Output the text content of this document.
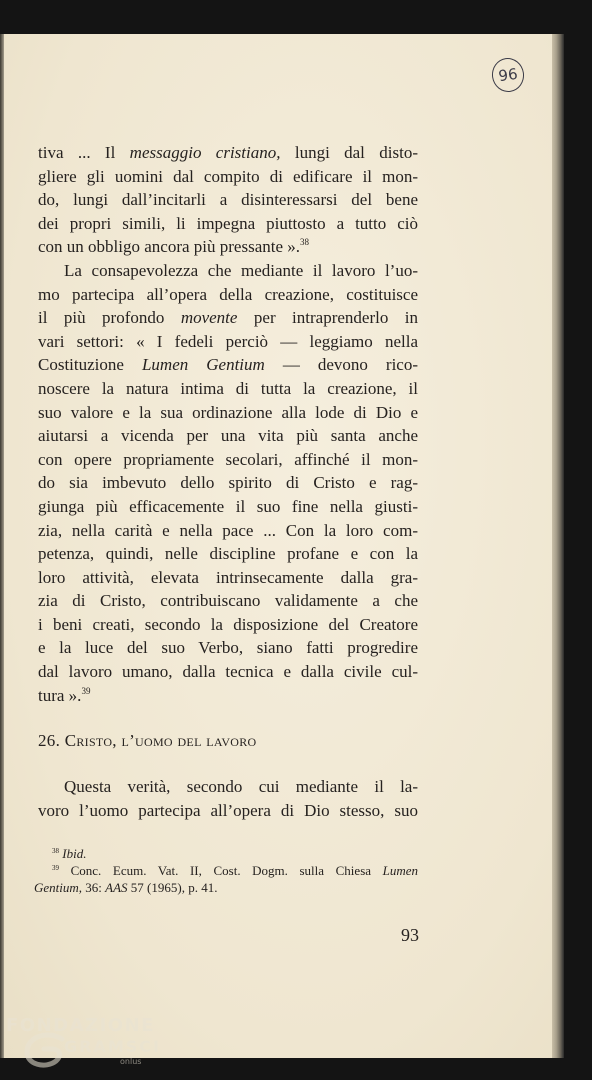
96
tiva ... Il messaggio cristiano, lungi dal disto-
gliere gli uomini dal compito di edificare il mon-
do, lungi dall’incitarli a disinteressarsi del bene
dei propri simili, li impegna piuttosto a tutto ciò
con un obbligo ancora più pressante ».$^{38}$
La consapevolezza che mediante il lavoro l’uo-
mo partecipa all’opera della creazione, costituisce
il più profondo movente per intraprenderlo in
vari settori: « I fedeli perciò — leggiamo nella
Costituzione Lumen Gentium — devono rico-
noscere la natura intima di tutta la creazione, il
suo valore e la sua ordinazione alla lode di Dio e
aiutarsi a vicenda per una vita più santa anche
con opere propriamente secolari, affinché il mon-
do sia imbevuto dello spirito di Cristo e rag-
giunga più efficacemente il suo fine nella giusti-
zia, nella carità e nella pace ... Con la loro com-
petenza, quindi, nelle discipline profane e con la
loro attività, elevata intrinsecamente dalla gra-
zia di Cristo, contribuiscano validamente a che
i beni creati, secondo la disposizione del Creatore
e la luce del suo Verbo, siano fatti progredire
dal lavoro umano, dalla tecnica e dalla civile cul-
tura ».$^{39}$
26. Cristo, l’uomo del lavoro
Questa verità, secondo cui mediante il la-
voro l’uomo partecipa all’opera di Dio stesso, suo
$^{38}$ Ibid.
$^{39}$ Conc. Ecum. Vat. II, Cost. Dogm. sulla Chiesa Lumen
Gentium, 36: AAS 57 (1965), p. 41.
93
FONDAZIONE
GRAMSCI
onlus
